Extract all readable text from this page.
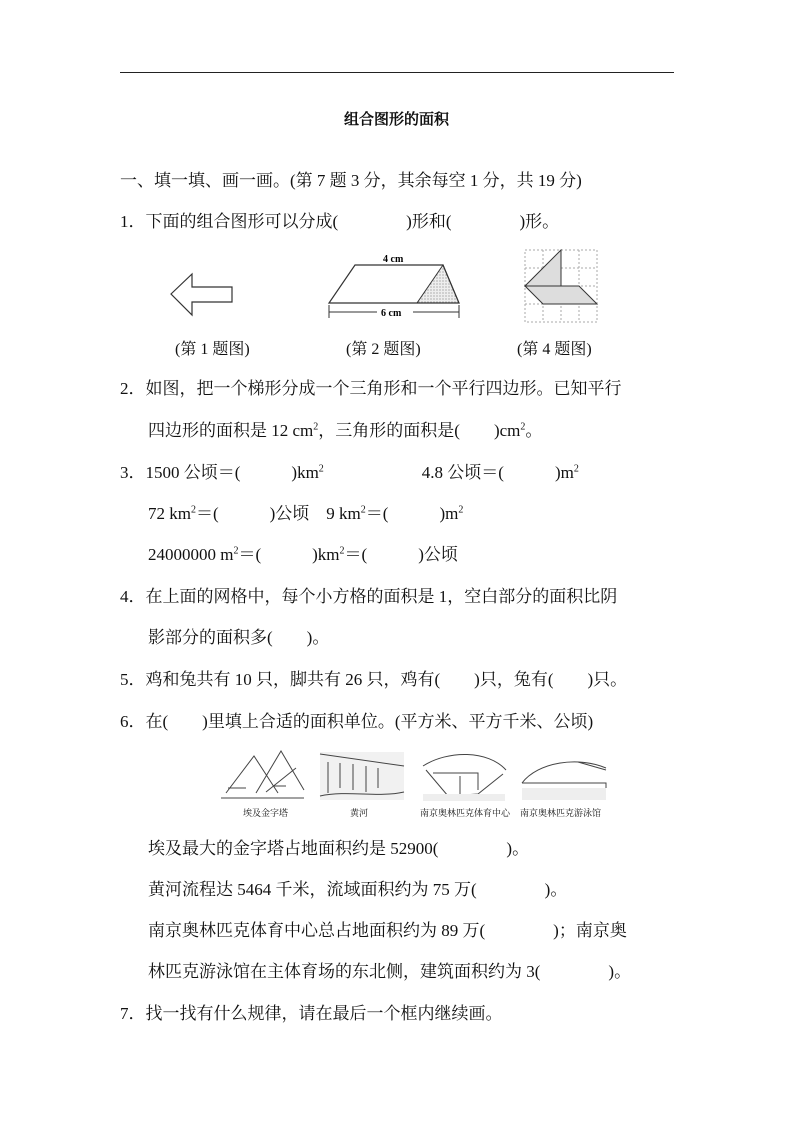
组合图形的面积
一、填一填、画一画。(第 7 题 3 分，其余每空 1 分，共 19 分)
1．下面的组合图形可以分成(　　　　)形和(　　　　)形。
4 cm
6 cm
(第 1 题图)	(第 2 题图)	(第 4 题图)
2．如图，把一个梯形分成一个三角形和一个平行四边形。已知平行
四边形的面积是 12 $cm^2$，三角形的面积是(　　)$cm^2$。
3．1500 公顷＝(　　　)$km^2$	4.8 公顷＝(　　　)$m^2$
72 $km^2=$(　　　)公顷　9 $km^2=$(　　　)$m^2$
24000000 $m^2=$(　　　)$km^2=$(　　　)公顷
4．在上面的网格中，每个小方格的面积是 1，空白部分的面积比阴
影部分的面积多(　　)。
5．鸡和兔共有 10 只，脚共有 26 只，鸡有(　　)只，兔有(　　)只。
6．在(　　)里填上合适的面积单位。(平方米、平方千米、公顷)
埃及金字塔	黄河	南京奥林匹克体育中心 南京奥林匹克游泳馆
埃及最大的金字塔占地面积约是 52900(　　　　)。
黄河流程达 5464 千米，流域面积约为 75 万(　　　　)。
南京奥林匹克体育中心总占地面积约为 89 万(　　　　)；南京奥
林匹克游泳馆在主体育场的东北侧，建筑面积约为 3(　　　　)。
7．找一找有什么规律，请在最后一个框内继续画。
